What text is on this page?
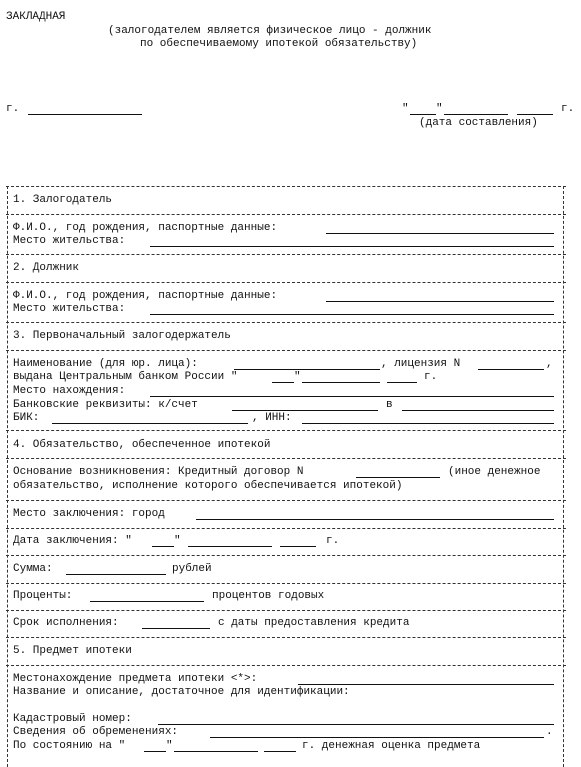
ЗАКЛАДНАЯ
(залогодателем является физическое лицо - должник
по обеспечиваемому ипотекой обязательству)
г.	" "	г.
(дата составления)
1. Залогодатель
Ф.И.О., год рождения, паспортные данные:
Место жительства:
2. Должник
Ф.И.О., год рождения, паспортные данные:
Место жительства:
3. Первоначальный залогодержатель
Наименование (для юр. лица):	, лицензия N	,
выдана Центральным банком России "	"	г.
Место нахождения:
Банковские реквизиты: к/счет	в
БИК:	, ИНН:
4. Обязательство, обеспеченное ипотекой
Основание возникновения: Кредитный договор N	(иное денежное
обязательство, исполнение которого обеспечивается ипотекой)
Место заключения: город
Дата заключения: "	"	г.
Сумма:	рублей
Проценты:	процентов годовых
Срок исполнения:	с даты предоставления кредита
5. Предмет ипотеки
Местонахождение предмета ипотеки <*>:
Название и описание, достаточное для идентификации:
Кадастровый номер:
Сведения об обременениях:	.
По состоянию на "	"	г. денежная оценка предмета
